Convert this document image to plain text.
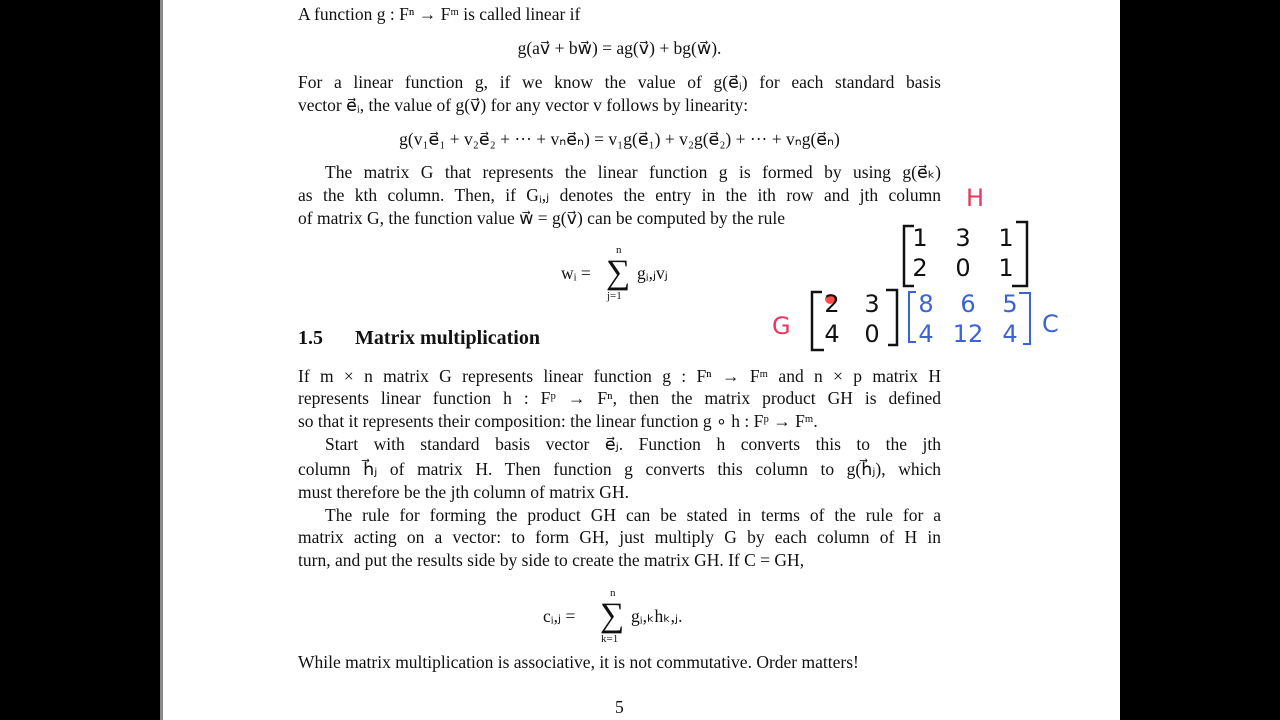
A function g : Fⁿ → Fᵐ is called linear if
g(av⃗ + bw⃗) = ag(v⃗) + bg(w⃗).
For a linear function g, if we know the value of g(e⃗ᵢ) for each standard basis
vector e⃗ᵢ, the value of g(v⃗) for any vector v follows by linearity:
g(v₁e⃗₁ + v₂e⃗₂ + ··· + vₙe⃗ₙ) = v₁g(e⃗₁) + v₂g(e⃗₂) + ··· + vₙg(e⃗ₙ)
The matrix G that represents the linear function g is formed by using g(e⃗ₖ)
as the kth column. Then, if Gᵢ,ⱼ denotes the entry in the ith row and jth column
of matrix G, the function value w⃗ = g(v⃗) can be computed by the rule
wᵢ = ∑
n
j=1
gᵢ,ⱼvⱼ
1.5 Matrix multiplication
If m × n matrix G represents linear function g : Fⁿ → Fᵐ and n × p matrix H
represents linear function h : Fᵖ → Fⁿ, then the matrix product GH is defined
so that it represents their composition: the linear function g ∘ h : Fᵖ → Fᵐ.
Start with standard basis vector e⃗ⱼ. Function h converts this to the jth
column h⃗ⱼ of matrix H. Then function g converts this column to g(h⃗ⱼ), which
must therefore be the jth column of matrix GH.
The rule for forming the product GH can be stated in terms of the rule for a
matrix acting on a vector: to form GH, just multiply G by each column of H in
turn, and put the results side by side to create the matrix GH. If C = GH,
cᵢ,ⱼ = ∑
n
k=1
gᵢ,ₖhₖ,ⱼ.
While matrix multiplication is associative, it is not commutative. Order matters!
5
H
1 3 1
2 0 1
G
2 3
4 0
8 6 5
4 12 4 C
